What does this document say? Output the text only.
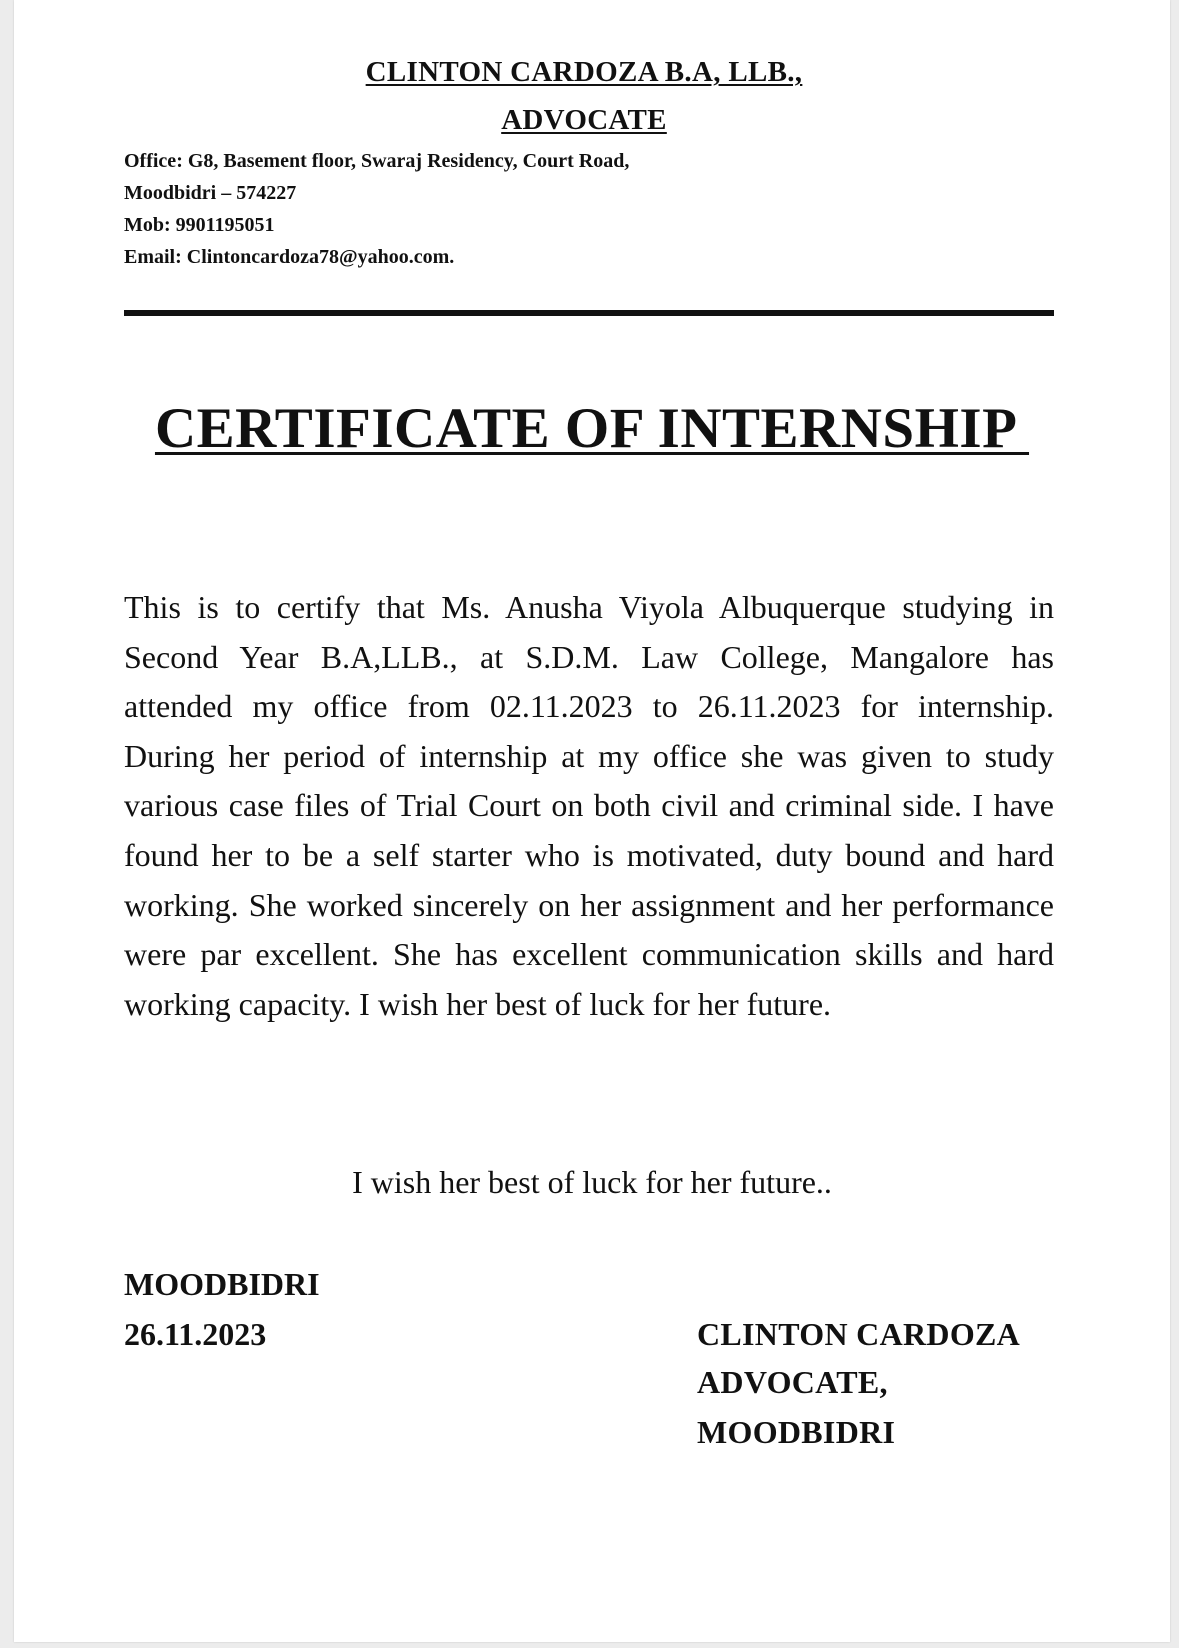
CLINTON CARDOZA B.A, LLB.,
ADVOCATE
Office: G8, Basement floor, Swaraj Residency, Court Road,
Moodbidri – 574227
Mob: 9901195051
Email: Clintoncardoza78@yahoo.com.
CERTIFICATE OF INTERNSHIP

This is to certify that Ms. Anusha Viyola Albuquerque studying in Second Year B.A,LLB., at S.D.M. Law College, Mangalore has attended my office from 02.11.2023 to 26.11.2023 for internship. During her period of internship at my office she was given to study various case files of Trial Court on both civil and criminal side. I have found her to be a self starter who is motivated, duty bound and hard working. She worked sincerely on her assignment and her performance were par excellent. She has excellent communication skills and hard working capacity. I wish her best of luck for her future.

I wish her best of luck for her future..
MOODBIDRI
26.11.2023	CLINTON CARDOZA
ADVOCATE,
MOODBIDRI
